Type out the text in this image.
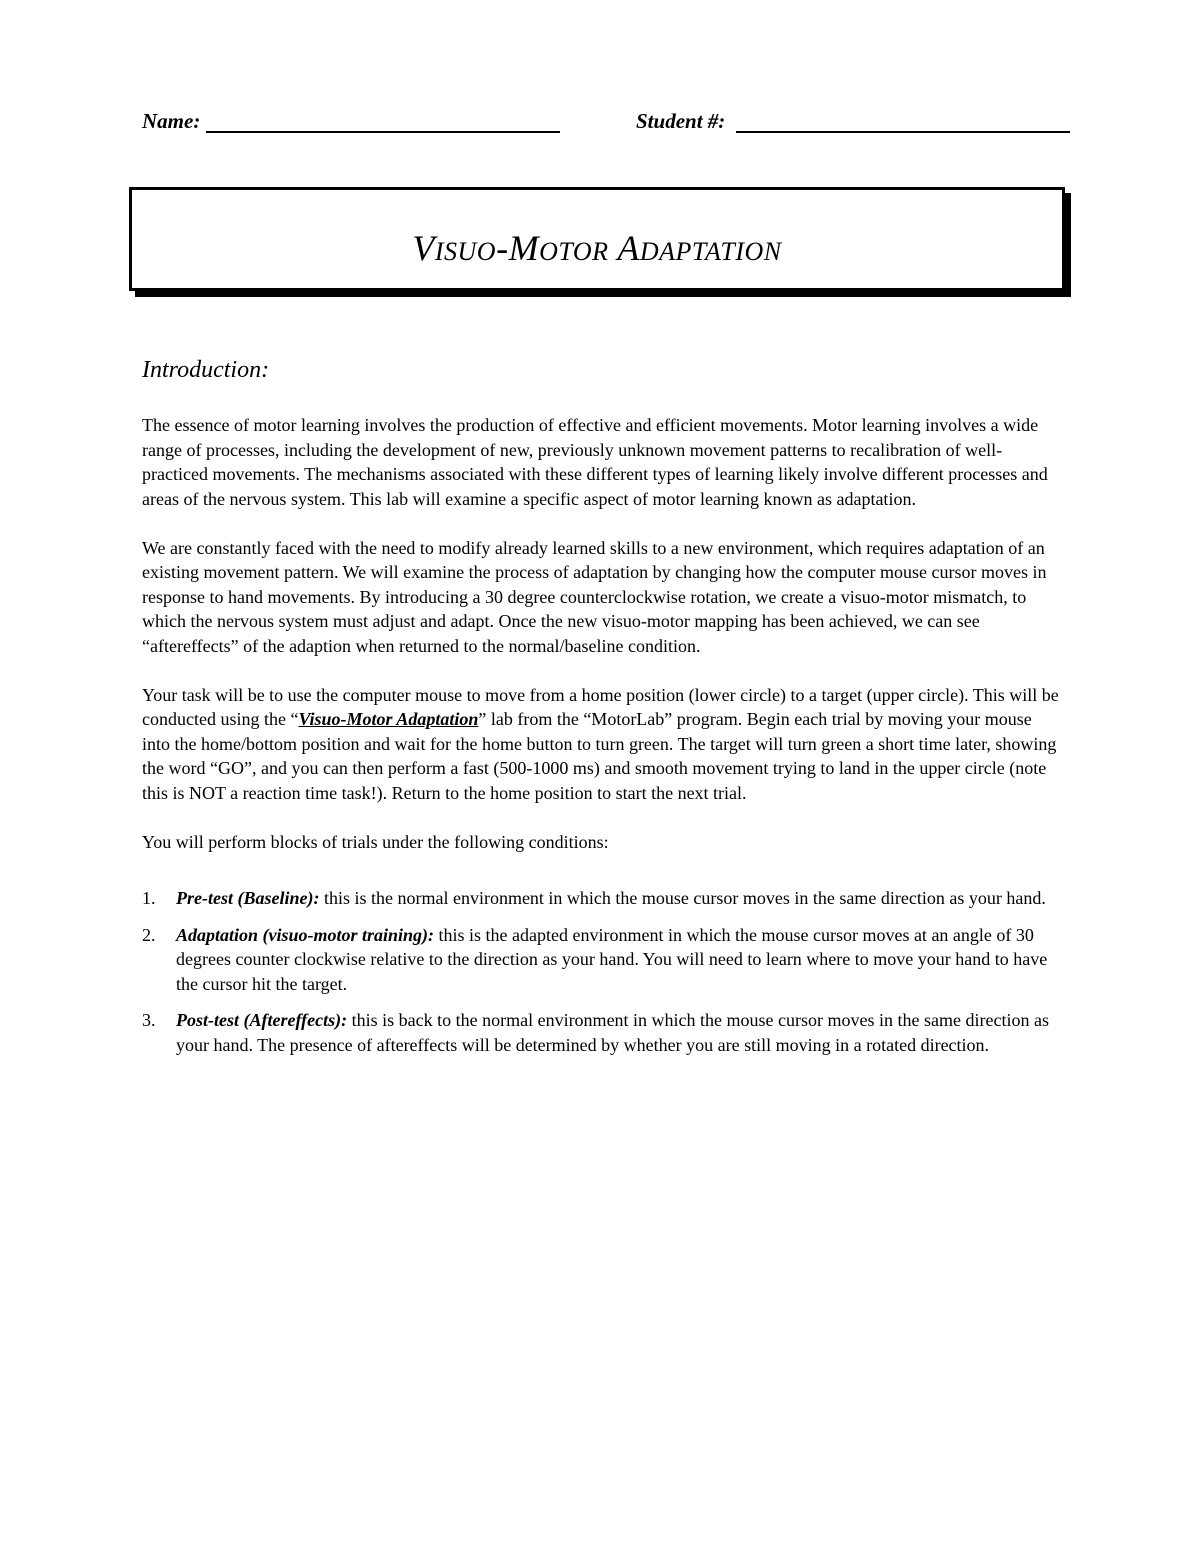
Name:	Student #:
VISUO-MOTOR ADAPTATION
Introduction:

The essence of motor learning involves the production of effective and efficient movements. Motor learning involves a wide range of processes, including the development of new, previously unknown movement patterns to recalibration of well-practiced movements. The mechanisms associated with these different types of learning likely involve different processes and areas of the nervous system. This lab will examine a specific aspect of motor learning known as adaptation.

We are constantly faced with the need to modify already learned skills to a new environment, which requires adaptation of an existing movement pattern. We will examine the process of adaptation by changing how the computer mouse cursor moves in response to hand movements. By introducing a 30 degree counterclockwise rotation, we create a visuo-motor mismatch, to which the nervous system must adjust and adapt. Once the new visuo-motor mapping has been achieved, we can see “aftereffects” of the adaption when returned to the normal/baseline condition.

Your task will be to use the computer mouse to move from a home position (lower circle) to a target (upper circle). This will be conducted using the “Visuo-Motor Adaptation” lab from the “MotorLab” program. Begin each trial by moving your mouse into the home/bottom position and wait for the home button to turn green. The target will turn green a short time later, showing the word “GO”, and you can then perform a fast (500-1000 ms) and smooth movement trying to land in the upper circle (note this is NOT a reaction time task!). Return to the home position to start the next trial.

You will perform blocks of trials under the following conditions:

1. Pre-test (Baseline): this is the normal environment in which the mouse cursor moves in the same direction as your hand.
2. Adaptation (visuo-motor training): this is the adapted environment in which the mouse cursor moves at an angle of 30 degrees counter clockwise relative to the direction as your hand. You will need to learn where to move your hand to have the cursor hit the target.
3. Post-test (Aftereffects): this is back to the normal environment in which the mouse cursor moves in the same direction as your hand. The presence of aftereffects will be determined by whether you are still moving in a rotated direction.
